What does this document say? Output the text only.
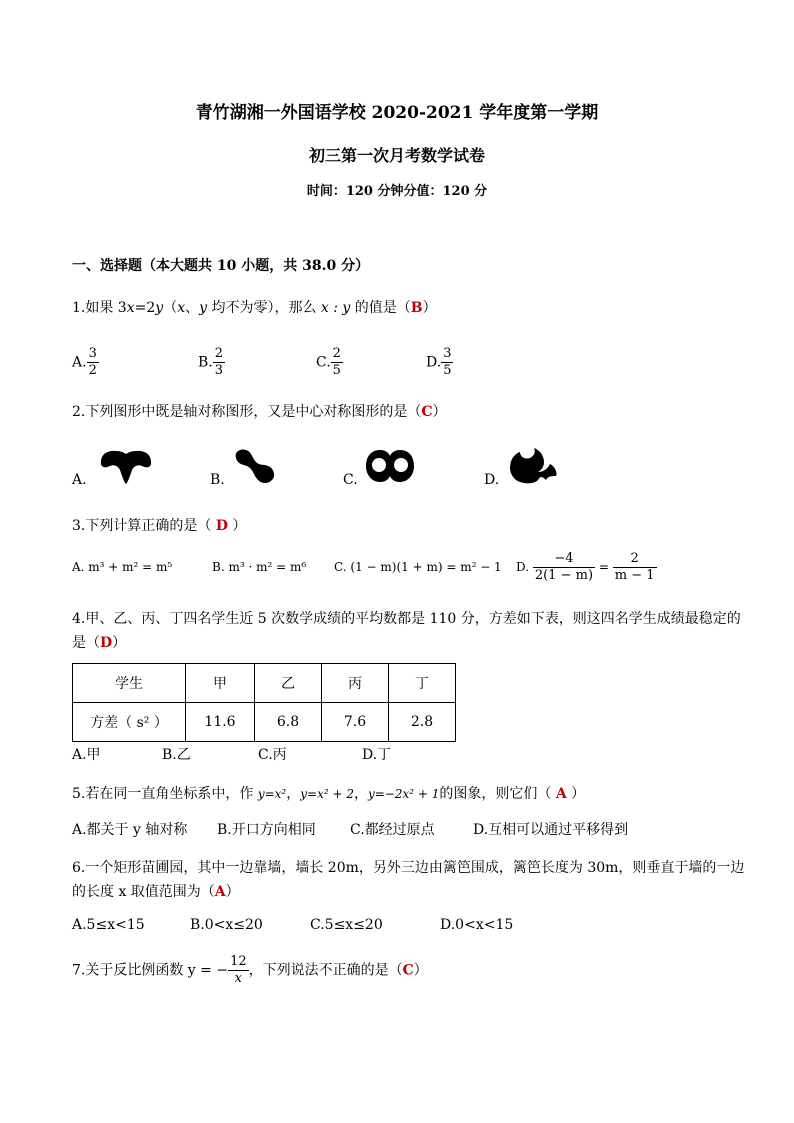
青竹湖湘一外国语学校 2020-2021 学年度第一学期
初三第一次月考数学试卷
时间：120 分钟分值：120 分
一、选择题（本大题共 10 小题，共 38.0 分）
1.如果 3x=2y（x、y 均不为零），那么 x : y 的值是（B）
A. $\frac{3}{2}$	B. $\frac{2}{3}$	C. $\frac{2}{5}$	D. $\frac{3}{5}$
2.下列图形中既是轴对称图形，又是中心对称图形的是（C）
A.	B.	C.	D.
3.下列计算正确的是（ D ）
A. m³ + m² = m⁵	B. m³ · m² = m⁶ C. (1 − m)(1 + m) = m² − 1 D. $\frac{-4}{2(1 - m)} = \frac{2}{m - 1}$
4.甲、乙、丙、丁四名学生近 5 次数学成绩的平均数都是 110 分，方差如下表，则这四名学生成绩最稳定的
是（D）
学生	甲	乙	丙	丁
方差（ s² ）	11.6	6.8	7.6	2.8
A.甲	B.乙	C.丙	D.丁
5.若在同一直角坐标系中，作 y=x²，y=x² + 2，y=−2x² + 1的图象，则它们（ A ）
A.都关于 y 轴对称 B.开口方向相同 C.都经过原点	D.互相可以通过平移得到
6.一个矩形苗圃园，其中一边靠墙，墙长 20m，另外三边由篱笆围成，篱笆长度为 30m，则垂直于墙的一边
的长度 x 取值范围为（A）
A.5≤x<15	B.0<x≤20	C.5≤x≤20	D.0<x<15
7.关于反比例函数 y = − $\frac{12}{x}$ ，下列说法不正确的是（C）
